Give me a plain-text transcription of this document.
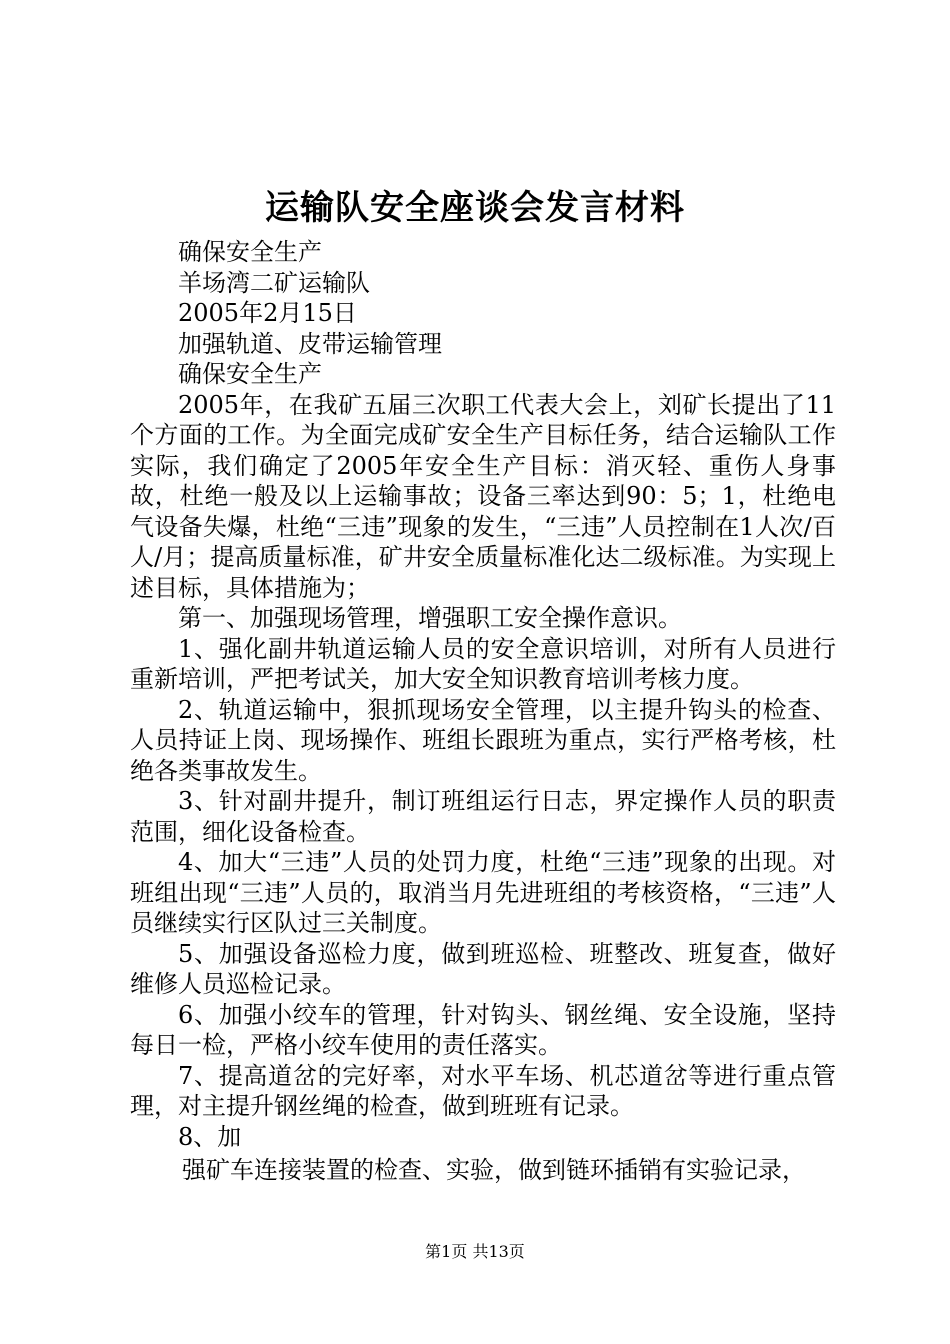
运输队安全座谈会发言材料

确保安全生产

羊场湾二矿运输队

2005年2月15日

加强轨道、皮带运输管理

确保安全生产

2005年，在我矿五届三次职工代表大会上，刘矿长提出了11个方面的工作。为全面完成矿安全生产目标任务，结合运输队工作实际，我们确定了2005年安全生产目标：消灭轻、重伤人身事故，杜绝一般及以上运输事故；设备三率达到90：5；1，杜绝电气设备失爆，杜绝“三违”现象的发生，“三违”人员控制在1人次/百人/月；提高质量标准，矿井安全质量标准化达二级标准。为实现上述目标，具体措施为；

第一、加强现场管理，增强职工安全操作意识。

1、强化副井轨道运输人员的安全意识培训，对所有人员进行重新培训，严把考试关，加大安全知识教育培训考核力度。

2、轨道运输中，狠抓现场安全管理，以主提升钩头的检查、人员持证上岗、现场操作、班组长跟班为重点，实行严格考核，杜绝各类事故发生。

3、针对副井提升，制订班组运行日志，界定操作人员的职责范围，细化设备检查。

4、加大“三违”人员的处罚力度，杜绝“三违”现象的出现。对班组出现“三违”人员的，取消当月先进班组的考核资格，“三违”人员继续实行区队过三关制度。

5、加强设备巡检力度，做到班巡检、班整改、班复查，做好维修人员巡检记录。

6、加强小绞车的管理，针对钩头、钢丝绳、安全设施，坚持每日一检，严格小绞车使用的责任落实。

7、提高道岔的完好率，对水平车场、机芯道岔等进行重点管理，对主提升钢丝绳的检查，做到班班有记录。

8、加

强矿车连接装置的检查、实验，做到链环插销有实验记录，

第1页 共13页
